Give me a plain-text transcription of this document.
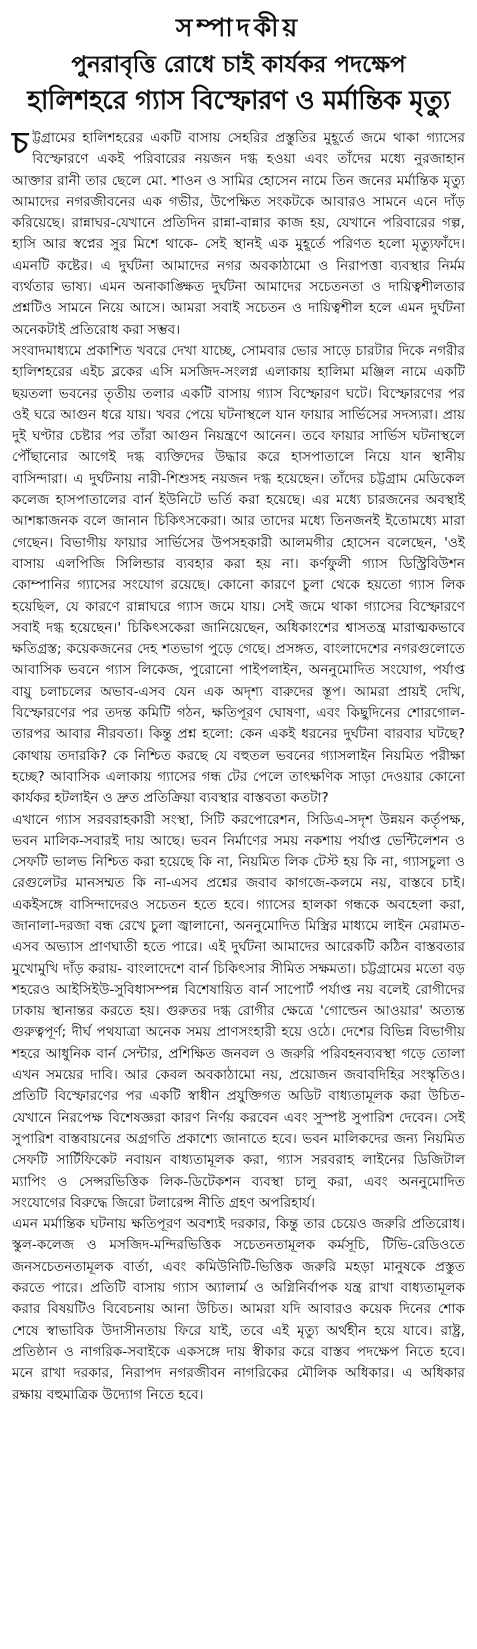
সম্পাদকীয়
পুনরাবৃত্তি রোধে চাই কার্যকর পদক্ষেপ
হালিশহরে গ্যাস বিস্ফোরণ ও মর্মান্তিক মৃত্যু

চট্টগ্রামের হালিশহরের একটি বাসায় সেহরির প্রস্তুতির মুহূর্তে জমে থাকা গ্যাসের বিস্ফোরণে একই পরিবারের নয়জন দগ্ধ হওয়া এবং তাঁদের মধ্যে নুরজাহান আক্তার রানী তার ছেলে মো. শাওন ও সামির হোসেন নামে তিন জনের মর্মান্তিক মৃত্যু আমাদের নগরজীবনের এক গভীর, উপেক্ষিত সংকটকে আবারও সামনে এনে দাঁড় করিয়েছে। রান্নাঘর-যেখানে প্রতিদিন রান্না-বান্নার কাজ হয়, যেখানে পরিবারের গল্প, হাসি আর স্বপ্নের সুর মিশে থাকে- সেই স্থানই এক মুহূর্তে পরিণত হলো মৃত্যুফাঁদে। এমনটি কষ্টের। এ দুর্ঘটনা আমাদের নগর অবকাঠামো ও নিরাপত্তা ব্যবস্থার নির্মম ব্যর্থতার ভাষ্য। এমন অনাকাঙ্ক্ষিত দুর্ঘটনা আমাদের সচেতনতা ও দায়িত্বশীলতার প্রশ্নটিও সামনে নিয়ে আসে। আমরা সবাই সচেতন ও দায়িত্বশীল হলে এমন দুর্ঘটনা অনেকটাই প্রতিরোধ করা সম্ভব।

সংবাদমাধ্যমে প্রকাশিত খবরে দেখা যাচ্ছে, সোমবার ভোর সাড়ে চারটার দিকে নগরীর হালিশহরের এইচ ব্লকের এসি মসজিদ-সংলগ্ন এলাকায় হালিমা মঞ্জিল নামে একটি ছয়তলা ভবনের তৃতীয় তলার একটি বাসায় গ্যাস বিস্ফোরণ ঘটে। বিস্ফোরণের পর ওই ঘরে আগুন ধরে যায়। খবর পেয়ে ঘটনাস্থলে যান ফায়ার সার্ভিসের সদস্যরা। প্রায় দুই ঘণ্টার চেষ্টার পর তাঁরা আগুন নিয়ন্ত্রণে আনেন। তবে ফায়ার সার্ভিস ঘটনাস্থলে পৌঁছানোর আগেই দগ্ধ ব্যক্তিদের উদ্ধার করে হাসপাতালে নিয়ে যান স্থানীয় বাসিন্দারা। এ দুর্ঘটনায় নারী-শিশুসহ নয়জন দগ্ধ হয়েছেন। তাঁদের চট্টগ্রাম মেডিকেল কলেজ হাসপাতালের বার্ন ইউনিটে ভর্তি করা হয়েছে। এর মধ্যে চারজনের অবস্থাই আশঙ্কাজনক বলে জানান চিকিৎসকেরা। আর তাদের মধ্যে তিনজনই ইতোমধ্যে মারা গেছেন। বিভাগীয় ফায়ার সার্ভিসের উপসহকারী আলমগীর হোসেন বলেছেন, 'ওই বাসায় এলপিজি সিলিন্ডার ব্যবহার করা হয় না। কর্ণফুলী গ্যাস ডিস্ট্রিবিউশন কোম্পানির গ্যাসের সংযোগ রয়েছে। কোনো কারণে চুলা থেকে হয়তো গ্যাস লিক হয়েছিল, যে কারণে রান্নাঘরে গ্যাস জমে যায়। সেই জমে থাকা গ্যাসের বিস্ফোরণে সবাই দগ্ধ হয়েছেন।' চিকিৎসকেরা জানিয়েছেন, অধিকাংশের শ্বাসতন্ত্র মারাত্মকভাবে ক্ষতিগ্রস্ত; কয়েকজনের দেহ শতভাগ পুড়ে গেছে। প্রসঙ্গত, বাংলাদেশের নগরগুলোতে আবাসিক ভবনে গ্যাস লিকেজ, পুরোনো পাইপলাইন, অননুমোদিত সংযোগ, পর্যাপ্ত বায়ু চলাচলের অভাব-এসব যেন এক অদৃশ্য বারুদের স্তূপ। আমরা প্রায়ই দেখি, বিস্ফোরণের পর তদন্ত কমিটি গঠন, ক্ষতিপূরণ ঘোষণা, এবং কিছুদিনের শোরগোল-তারপর আবার নীরবতা। কিন্তু প্রশ্ন হলো: কেন একই ধরনের দুর্ঘটনা বারবার ঘটছে? কোথায় তদারকি? কে নিশ্চিত করছে যে বহুতল ভবনের গ্যাসলাইন নিয়মিত পরীক্ষা হচ্ছে? আবাসিক এলাকায় গ্যাসের গন্ধ টের পেলে তাৎক্ষণিক সাড়া দেওয়ার কোনো কার্যকর হটলাইন ও দ্রুত প্রতিক্রিয়া ব্যবস্থার বাস্তবতা কতটা?

এখানে গ্যাস সরবরাহকারী সংস্থা, সিটি করপোরেশন, সিডিএ-সদৃশ উন্নয়ন কর্তৃপক্ষ, ভবন মালিক-সবারই দায় আছে। ভবন নির্মাণের সময় নকশায় পর্যাপ্ত ভেন্টিলেশন ও সেফটি ভালভ নিশ্চিত করা হয়েছে কি না, নিয়মিত লিক টেস্ট হয় কি না, গ্যাসচুলা ও রেগুলেটর মানসম্মত কি না-এসব প্রশ্নের জবাব কাগজে-কলমে নয়, বাস্তবে চাই। একইসঙ্গে বাসিন্দাদেরও সচেতন হতে হবে। গ্যাসের হালকা গন্ধকে অবহেলা করা, জানালা-দরজা বন্ধ রেখে চুলা জ্বালানো, অননুমোদিত মিস্ত্রির মাধ্যমে লাইন মেরামত- এসব অভ্যাস প্রাণঘাতী হতে পারে। এই দুর্ঘটনা আমাদের আরেকটি কঠিন বাস্তবতার মুখোমুখি দাঁড় করায়- বাংলাদেশে বার্ন চিকিৎসার সীমিত সক্ষমতা। চট্টগ্রামের মতো বড় শহরেও আইসিইউ-সুবিধাসম্পন্ন বিশেষায়িত বার্ন সাপোর্ট পর্যাপ্ত নয় বলেই রোগীদের ঢাকায় স্থানান্তর করতে হয়। গুরুতর দগ্ধ রোগীর ক্ষেত্রে 'গোল্ডেন আওয়ার' অত্যন্ত গুরুত্বপূর্ণ; দীর্ঘ পথযাত্রা অনেক সময় প্রাণসংহারী হয়ে ওঠে। দেশের বিভিন্ন বিভাগীয় শহরে আধুনিক বার্ন সেন্টার, প্রশিক্ষিত জনবল ও জরুরি পরিবহনব্যবস্থা গড়ে তোলা এখন সময়ের দাবি। আর কেবল অবকাঠামো নয়, প্রয়োজন জবাবদিহির সংস্কৃতিও। প্রতিটি বিস্ফোরণের পর একটি স্বাধীন প্রযুক্তিগত অডিট বাধ্যতামূলক করা উচিত- যেখানে নিরপেক্ষ বিশেষজ্ঞরা কারণ নির্ণয় করবেন এবং সুস্পষ্ট সুপারিশ দেবেন। সেই সুপারিশ বাস্তবায়নের অগ্রগতি প্রকাশ্যে জানাতে হবে। ভবন মালিকদের জন্য নিয়মিত সেফটি সার্টিফিকেট নবায়ন বাধ্যতামূলক করা, গ্যাস সরবরাহ লাইনের ডিজিটাল ম্যাপিং ও সেন্সরভিত্তিক লিক-ডিটেকশন ব্যবস্থা চালু করা, এবং অননুমোদিত সংযোগের বিরুদ্ধে জিরো টলারেন্স নীতি গ্রহণ অপরিহার্য।

এমন মর্মান্তিক ঘটনায় ক্ষতিপূরণ অবশ্যই দরকার, কিন্তু তার চেয়েও জরুরি প্রতিরোধ। স্কুল-কলেজ ও মসজিদ-মন্দিরভিত্তিক সচেতনতামূলক কর্মসূচি, টিভি-রেডিওতে জনসচেতনতামূলক বার্তা, এবং কমিউনিটি-ভিত্তিক জরুরি মহড়া মানুষকে প্রস্তুত করতে পারে। প্রতিটি বাসায় গ্যাস অ্যালার্ম ও অগ্নিনির্বাপক যন্ত্র রাখা বাধ্যতামূলক করার বিষয়টিও বিবেচনায় আনা উচিত। আমরা যদি আবারও কয়েক দিনের শোক শেষে স্বাভাবিক উদাসীনতায় ফিরে যাই, তবে এই মৃত্যু অর্থহীন হয়ে যাবে। রাষ্ট্র, প্রতিষ্ঠান ও নাগরিক-সবাইকে একসঙ্গে দায় স্বীকার করে বাস্তব পদক্ষেপ নিতে হবে। মনে রাখা দরকার, নিরাপদ নগরজীবন নাগরিকের মৌলিক অধিকার। এ অধিকার রক্ষায় বহুমাত্রিক উদ্যোগ নিতে হবে।
